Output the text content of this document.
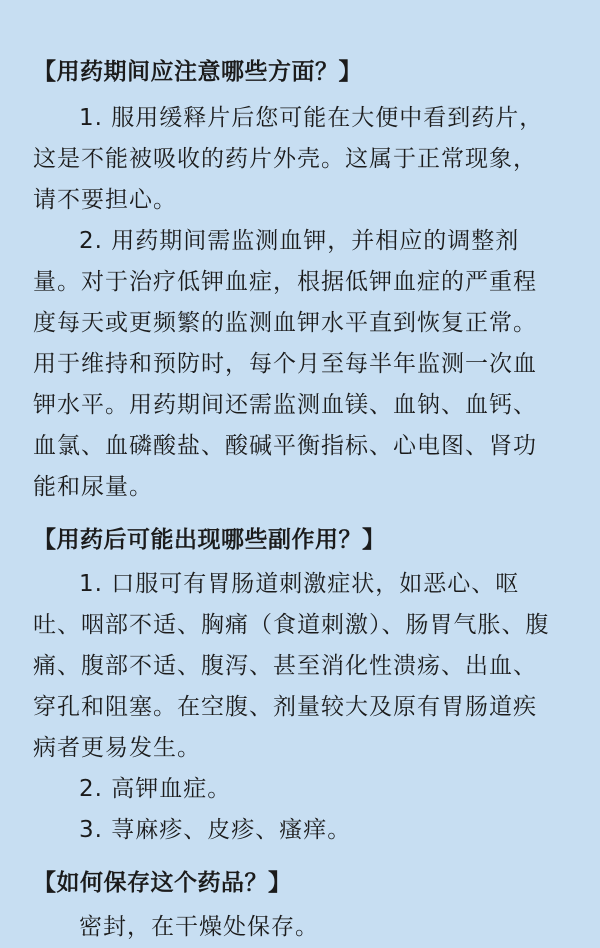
【用药期间应注意哪些方面？】

1. 服用缓释片后您可能在大便中看到药片，这是不能被吸收的药片外壳。这属于正常现象，请不要担心。

2. 用药期间需监测血钾，并相应的调整剂量。对于治疗低钾血症，根据低钾血症的严重程度每天或更频繁的监测血钾水平直到恢复正常。用于维持和预防时，每个月至每半年监测一次血钾水平。用药期间还需监测血镁、血钠、血钙、血氯、血磷酸盐、酸碱平衡指标、心电图、肾功能和尿量。

【用药后可能出现哪些副作用？】

1. 口服可有胃肠道刺激症状，如恶心、呕吐、咽部不适、胸痛（食道刺激）、肠胃气胀、腹痛、腹部不适、腹泻、甚至消化性溃疡、出血、穿孔和阻塞。在空腹、剂量较大及原有胃肠道疾病者更易发生。

2. 高钾血症。

3. 荨麻疹、皮疹、瘙痒。

【如何保存这个药品？】

密封，在干燥处保存。
